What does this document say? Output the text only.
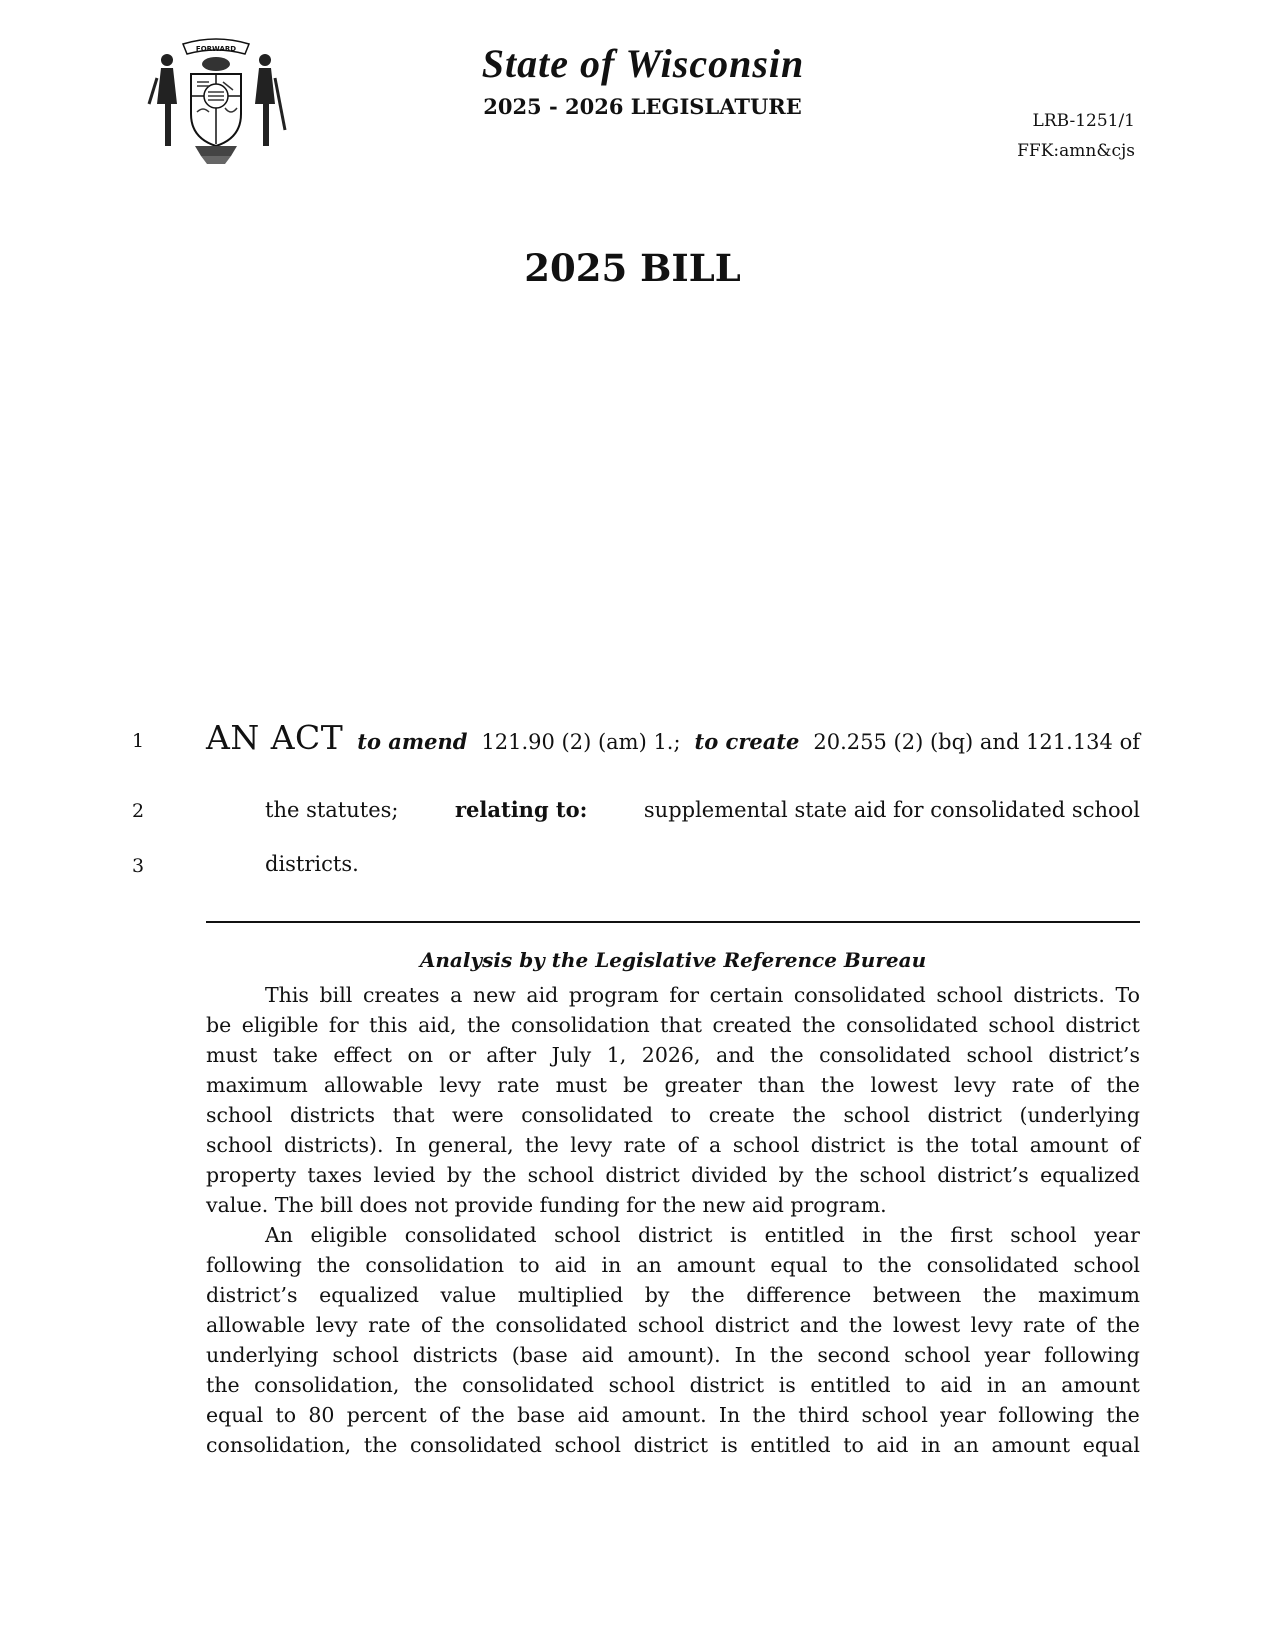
FORWARD	State of Wisconsin
2025 - 2026 LEGISLATURE
LRB-1251/1
FFK:amn&cjs
2025 BILL
1
2
3
AN ACT to amend 121.90 (2) (am) 1.; to create 20.255 (2) (bq) and 121.134 of
the statutes;	relating to:	supplemental state aid for consolidated school
districts.
Analysis by the Legislative Reference Bureau
This bill creates a new aid program for certain consolidated school districts. To
be eligible for this aid, the consolidation that created the consolidated school district
must take effect on or after July 1, 2026, and the consolidated school district’s
maximum allowable levy rate must be greater than the lowest levy rate of the
school districts that were consolidated to create the school district (underlying
school districts). In general, the levy rate of a school district is the total amount of
property taxes levied by the school district divided by the school district’s equalized
value. The bill does not provide funding for the new aid program.
An eligible consolidated school district is entitled in the first school year
following the consolidation to aid in an amount equal to the consolidated school
district’s equalized value multiplied by the difference between the maximum
allowable levy rate of the consolidated school district and the lowest levy rate of the
underlying school districts (base aid amount). In the second school year following
the consolidation, the consolidated school district is entitled to aid in an amount
equal to 80 percent of the base aid amount. In the third school year following the
consolidation, the consolidated school district is entitled to aid in an amount equal
